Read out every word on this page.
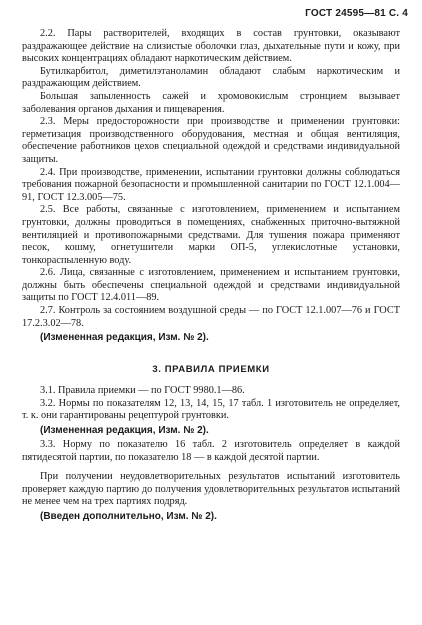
ГОСТ 24595—81 С. 4

2.2. Пары растворителей, входящих в состав грунтовки, оказывают раздражающее действие на слизистые оболочки глаз, дыхательные пути и кожу, при высоких концентрациях обладают наркотическим действием.

Бутилкарбитол, диметилэтаноламин обладают слабым наркотическим и раздражающим действием.

Большая запыленность сажей и хромовокислым стронцием вызывает заболевания органов дыхания и пищеварения.

2.3. Меры предосторожности при производстве и применении грунтовки: герметизация производственного оборудования, местная и общая вентиляция, обеспечение работников цехов специальной одеждой и средствами индивидуальной защиты.

2.4. При производстве, применении, испытании грунтовки должны соблюдаться требования пожарной безопасности и промышленной санитарии по ГОСТ 12.1.004—91, ГОСТ 12.3.005—75.

2.5. Все работы, связанные с изготовлением, применением и испытанием грунтовки, должны проводиться в помещениях, снабженных приточно-вытяжной вентиляцией и противопожарными средствами. Для тушения пожара применяют песок, кошму, огнетушители марки ОП-5, углекислотные установки, тонкораспыленную воду.

2.6. Лица, связанные с изготовлением, применением и испытанием грунтовки, должны быть обеспечены специальной одеждой и средствами индивидуальной защиты по ГОСТ 12.4.011—89.

2.7. Контроль за состоянием воздушной среды — по ГОСТ 12.1.007—76 и ГОСТ 17.2.3.02—78.

(Измененная редакция, Изм. № 2).

3. ПРАВИЛА ПРИЕМКИ

3.1. Правила приемки — по ГОСТ 9980.1—86.

3.2. Нормы по показателям 12, 13, 14, 15, 17 табл. 1 изготовитель не определяет, т. к. они гарантированы рецептурой грунтовки.

(Измененная редакция, Изм. № 2).

3.3. Норму по показателю 16 табл. 2 изготовитель определяет в каждой пятидесятой партии, по показателю 18 — в каждой десятой партии.

При получении неудовлетворительных результатов испытаний изготовитель проверяет каждую партию до получения удовлетворительных результатов испытаний не менее чем на трех партиях подряд.

(Введен дополнительно, Изм. № 2).
